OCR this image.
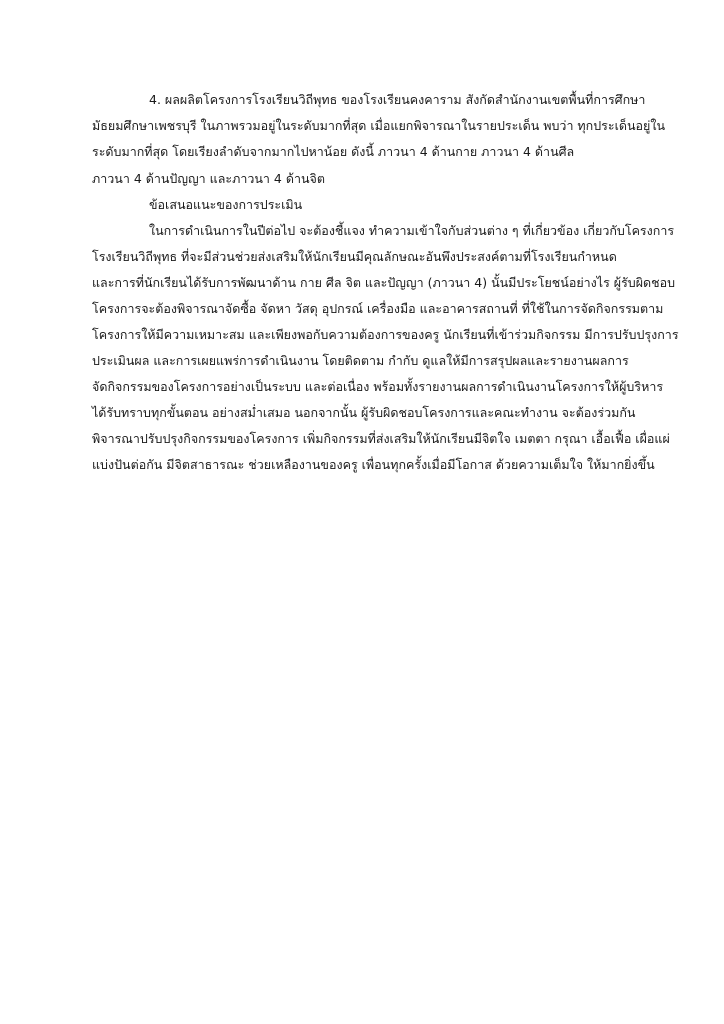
4. ผลผลิตโครงการโรงเรียนวิถีพุทธ ของโรงเรียนคงคาราม สังกัดสำนักงานเขตพื้นที่การศึกษา
มัธยมศึกษาเพชรบุรี ในภาพรวมอยู่ในระดับมากที่สุด เมื่อแยกพิจารณาในรายประเด็น พบว่า ทุกประเด็นอยู่ใน
ระดับมากที่สุด โดยเรียงลำดับจากมากไปหาน้อย ดังนี้ ภาวนา 4 ด้านกาย ภาวนา 4 ด้านศีล
ภาวนา 4 ด้านปัญญา และภาวนา 4 ด้านจิต
ข้อเสนอแนะของการประเมิน
ในการดำเนินการในปีต่อไป จะต้องชี้แจง ทำความเข้าใจกับส่วนต่าง ๆ ที่เกี่ยวข้อง เกี่ยวกับโครงการ
โรงเรียนวิถีพุทธ ที่จะมีส่วนช่วยส่งเสริมให้นักเรียนมีคุณลักษณะอันพึงประสงค์ตามที่โรงเรียนกำหนด
และการที่นักเรียนได้รับการพัฒนาด้าน กาย ศีล จิต และปัญญา (ภาวนา 4) นั้นมีประโยชน์อย่างไร ผู้รับผิดชอบ
โครงการจะต้องพิจารณาจัดซื้อ จัดหา วัสดุ อุปกรณ์ เครื่องมือ และอาคารสถานที่ ที่ใช้ในการจัดกิจกรรมตาม
โครงการให้มีความเหมาะสม และเพียงพอกับความต้องการของครู นักเรียนที่เข้าร่วมกิจกรรม มีการปรับปรุงการ
ประเมินผล และการเผยแพร่การดำเนินงาน โดยติดตาม กำกับ ดูแลให้มีการสรุปผลและรายงานผลการ
จัดกิจกรรมของโครงการอย่างเป็นระบบ และต่อเนื่อง พร้อมทั้งรายงานผลการดำเนินงานโครงการให้ผู้บริหาร
ได้รับทราบทุกขั้นตอน อย่างสม่ำเสมอ นอกจากนั้น ผู้รับผิดชอบโครงการและคณะทำงาน จะต้องร่วมกัน
พิจารณาปรับปรุงกิจกรรมของโครงการ เพิ่มกิจกรรมที่ส่งเสริมให้นักเรียนมีจิตใจ เมตตา กรุณา เอื้อเฟื้อ เผื่อแผ่
แบ่งปันต่อกัน มีจิตสาธารณะ ช่วยเหลืองานของครู เพื่อนทุกครั้งเมื่อมีโอกาส ด้วยความเต็มใจ ให้มากยิ่งขึ้น
